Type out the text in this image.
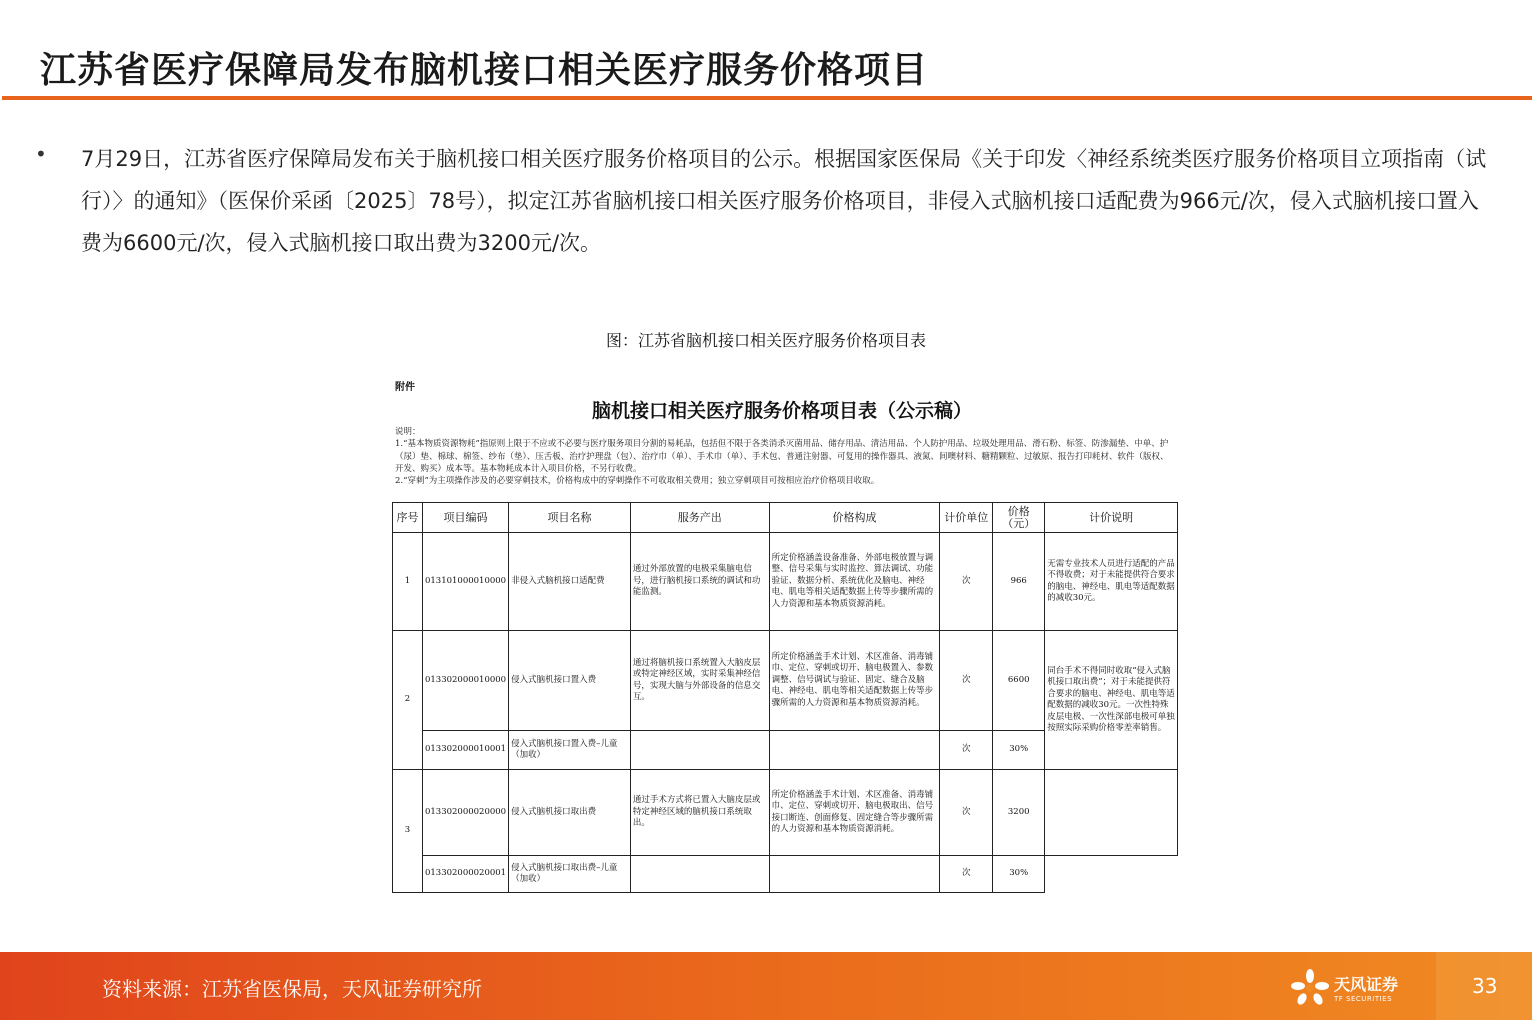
江苏省医疗保障局发布脑机接口相关医疗服务价格项目
• 7月29日，江苏省医疗保障局发布关于脑机接口相关医疗服务价格项目的公示。根据国家医保局《关于印发〈神经系统类医疗服务价格项目立项指南（试行）〉的通知》（医保价采函〔2025〕78号），拟定江苏省脑机接口相关医疗服务价格项目，非侵入式脑机接口适配费为966元/次，侵入式脑机接口置入费为6600元/次，侵入式脑机接口取出费为3200元/次。
图：江苏省脑机接口相关医疗服务价格项目表
附件
脑机接口相关医疗服务价格项目表（公示稿）
说明：
1.“基本物质资源物耗”指原则上限于不应或不必要与医疗服务项目分割的易耗品，包括但不限于各类消杀灭菌用品、储存用品、清洁用品、个人防护用品、垃圾处理用品、滑石粉、标签、防渗漏垫、中单、护（尿）垫、棉球、棉签、纱布（垫）、压舌板、治疗护理盘（包）、治疗巾（单）、手术巾（单）、手术包、普通注射器、可复用的操作器具、液氮、间噢材料、糖精颗粒、过敏原、报告打印耗材、软件（版权、开发、购买）成本等。基本物耗成本计入项目价格，不另行收费。
2.“穿刺”为主项操作涉及的必要穿刺技术，价格构成中的穿刺操作不可收取相关费用；独立穿刺项目可按相应治疗价格项目收取。
序号	项目编码	项目名称	服务产出	价格构成	计价单位	价格（元）	计价说明
1	013101000010000	非侵入式脑机接口适配费	通过外部放置的电极采集脑电信号，进行脑机接口系统的调试和功能监测。	所定价格涵盖设备准备、外部电极放置与调整、信号采集与实时监控、算法调试、功能验证、数据分析、系统优化及脑电、神经电、肌电等相关适配数据上传等步骤所需的人力资源和基本物质资源消耗。	次	966	无需专业技术人员进行适配的产品不得收费；对于未能提供符合要求的脑电、神经电、肌电等适配数据的减收30元。
2	013302000010000	侵入式脑机接口置入费	通过将脑机接口系统置入大脑皮层或特定神经区域，实时采集神经信号，实现大脑与外部设备的信息交互。	所定价格涵盖手术计划、术区准备、消毒铺巾、定位、穿刺或切开、脑电极置入、参数调整、信号调试与验证、固定、缝合及脑电、神经电、肌电等相关适配数据上传等步骤所需的人力资源和基本物质资源消耗。	次	6600	同台手术不得同时收取“侵入式脑机接口取出费”；对于未能提供符合要求的脑电、神经电、肌电等适配数据的减收30元。一次性特殊皮层电极、一次性深部电极可单独按照实际采购价格零差率销售。
	013302000010001	侵入式脑机接口置入费–儿童（加收）			次	30%	
3	013302000020000	侵入式脑机接口取出费	通过手术方式将已置入大脑皮层或特定神经区域的脑机接口系统取出。	所定价格涵盖手术计划、术区准备、消毒铺巾、定位、穿刺或切开、脑电极取出、信号接口断连、创面修复、固定缝合等步骤所需的人力资源和基本物质资源消耗。	次	3200	
	013302000020001	侵入式脑机接口取出费–儿童（加收）			次	30%	
资料来源：江苏省医保局，天风证券研究所	天风证券
TF SECURITIES
33
